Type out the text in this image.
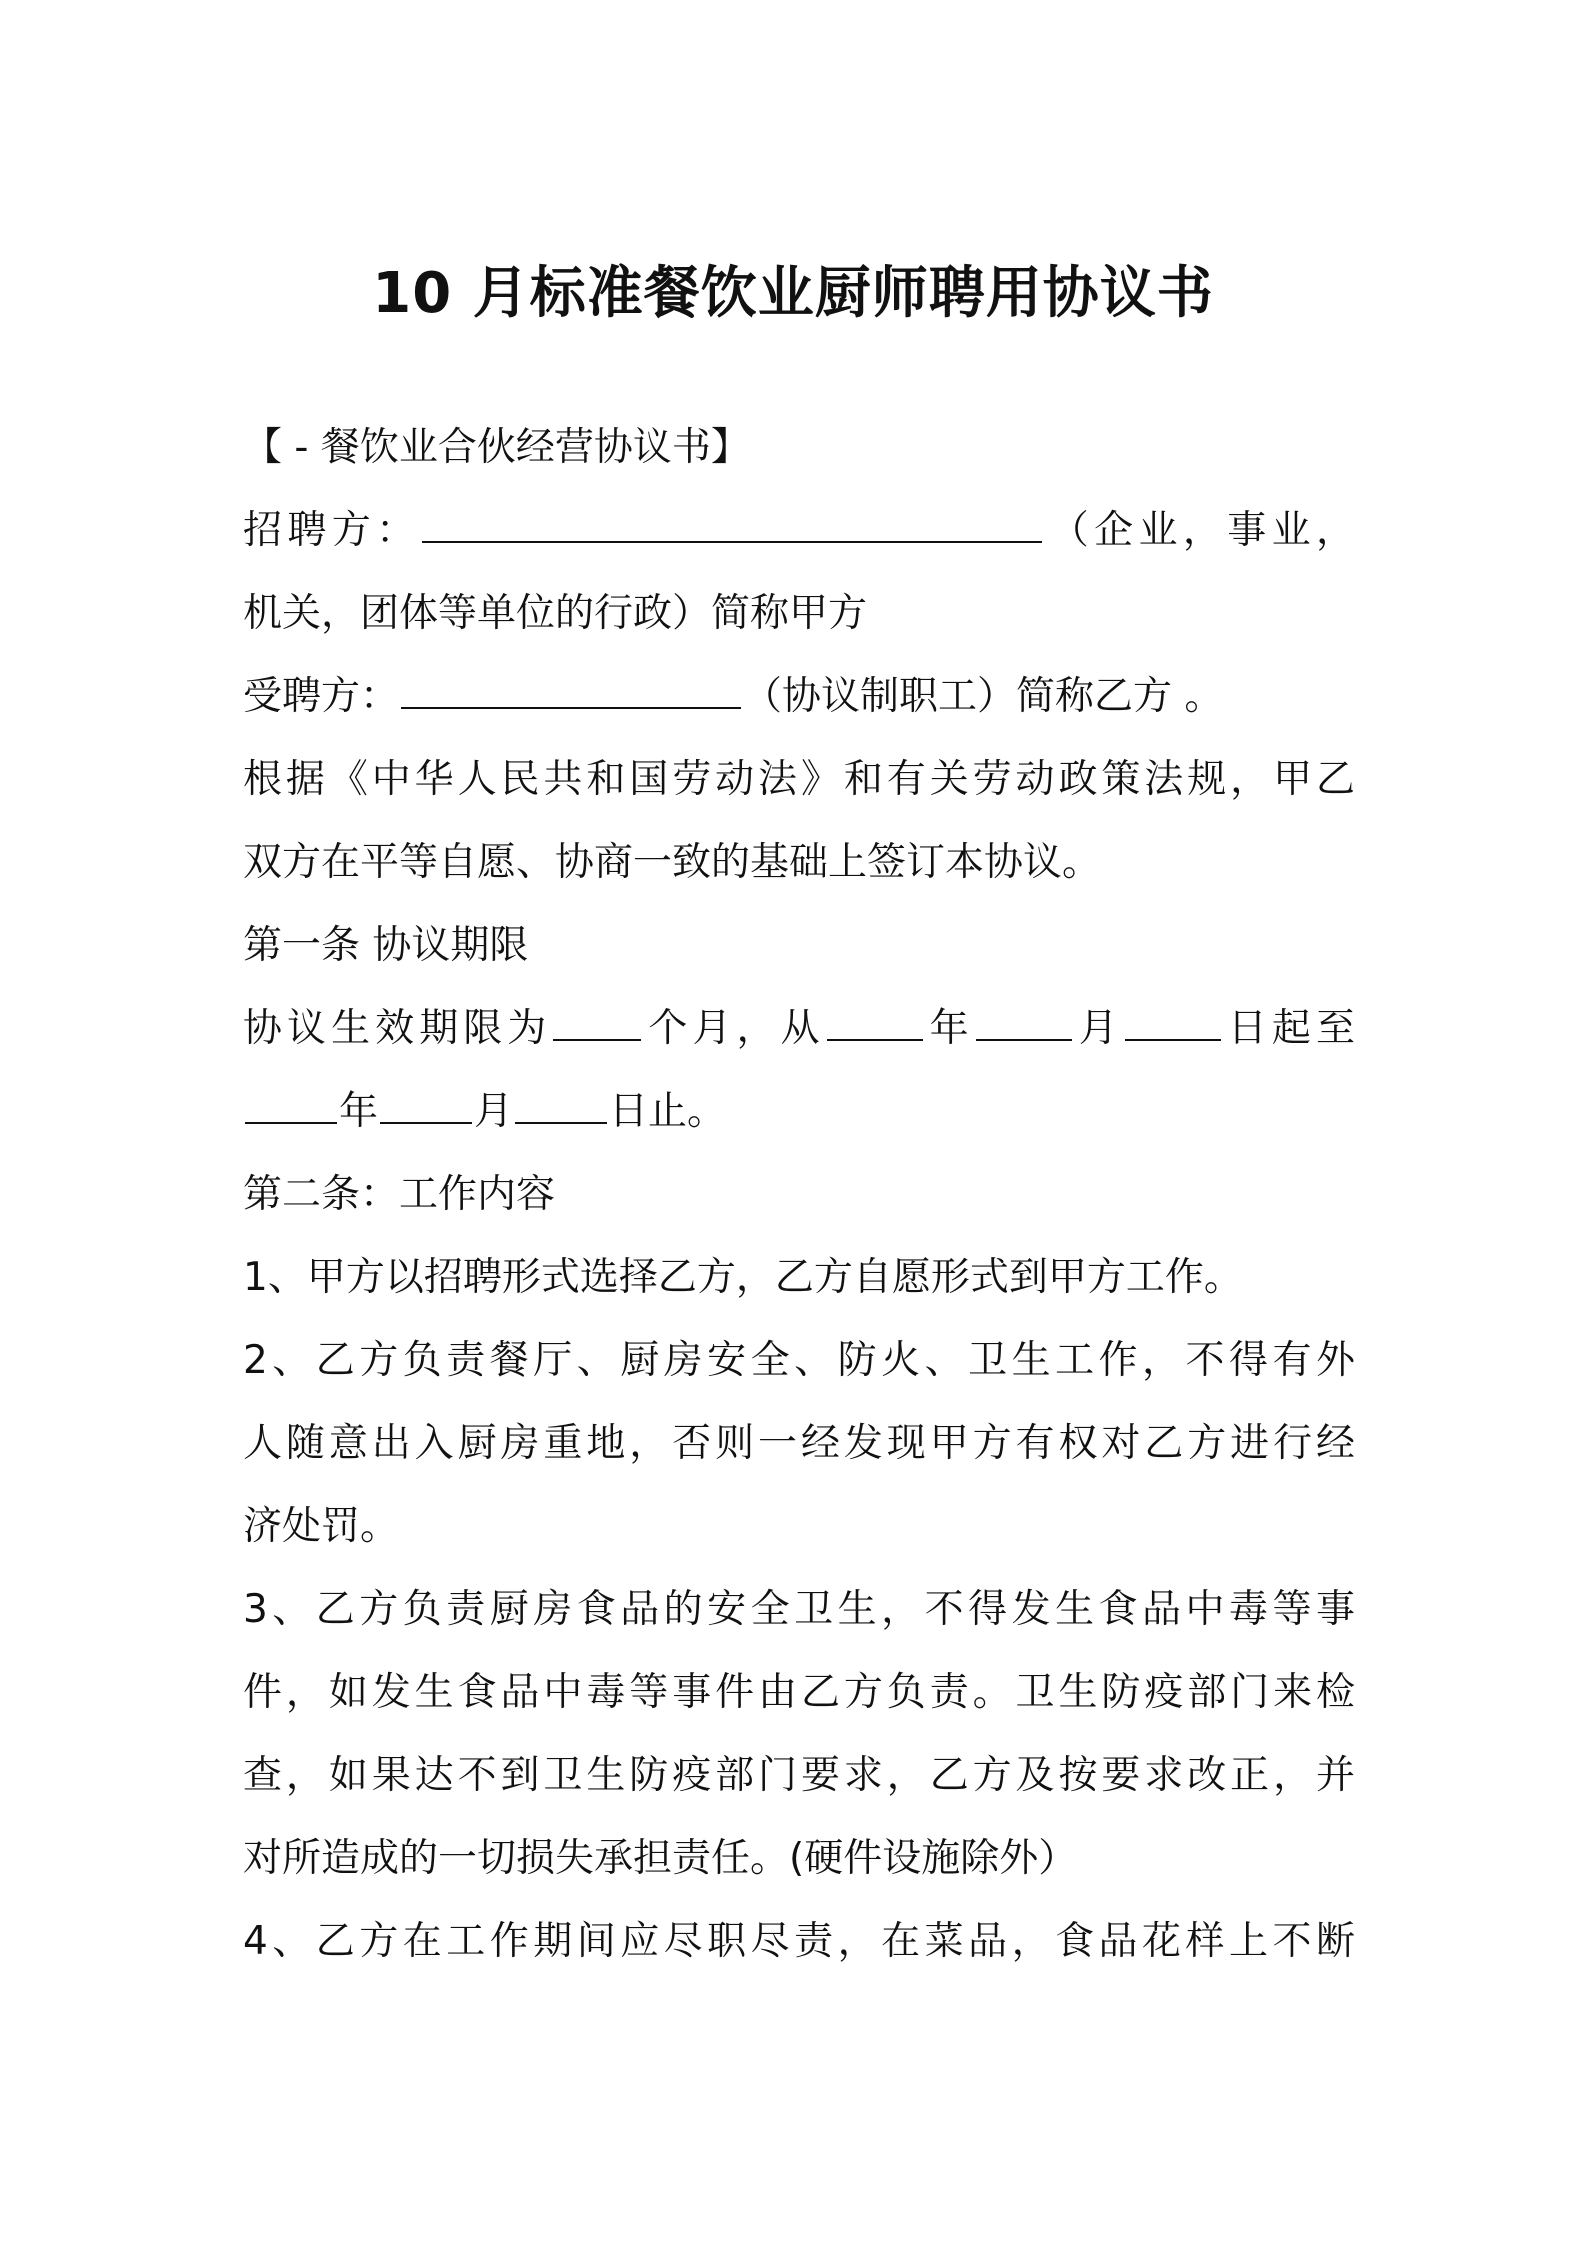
10 月标准餐饮业厨师聘用协议书
【 - 餐饮业合伙经营协议书】
招聘方：	（企业，事业，
机关，团体等单位的行政）简称甲方
受聘方：	（协议制职工）简称乙方 。
根据《中华人民共和国劳动法》和有关劳动政策法规，甲乙
双方在平等自愿、协商一致的基础上签订本协议。
第一条 协议期限
协议生效期限为 个月，从	年	月	日起至
年 月 日止。
第二条：工作内容
1、甲方以招聘形式选择乙方，乙方自愿形式到甲方工作。
2、乙方负责餐厅、厨房安全、防火、卫生工作，不得有外
人随意出入厨房重地，否则一经发现甲方有权对乙方进行经
济处罚。
3、乙方负责厨房食品的安全卫生，不得发生食品中毒等事
件，如发生食品中毒等事件由乙方负责。卫生防疫部门来检
查，如果达不到卫生防疫部门要求，乙方及按要求改正，并
对所造成的一切损失承担责任。(硬件设施除外）
4、乙方在工作期间应尽职尽责，在菜品，食品花样上不断
